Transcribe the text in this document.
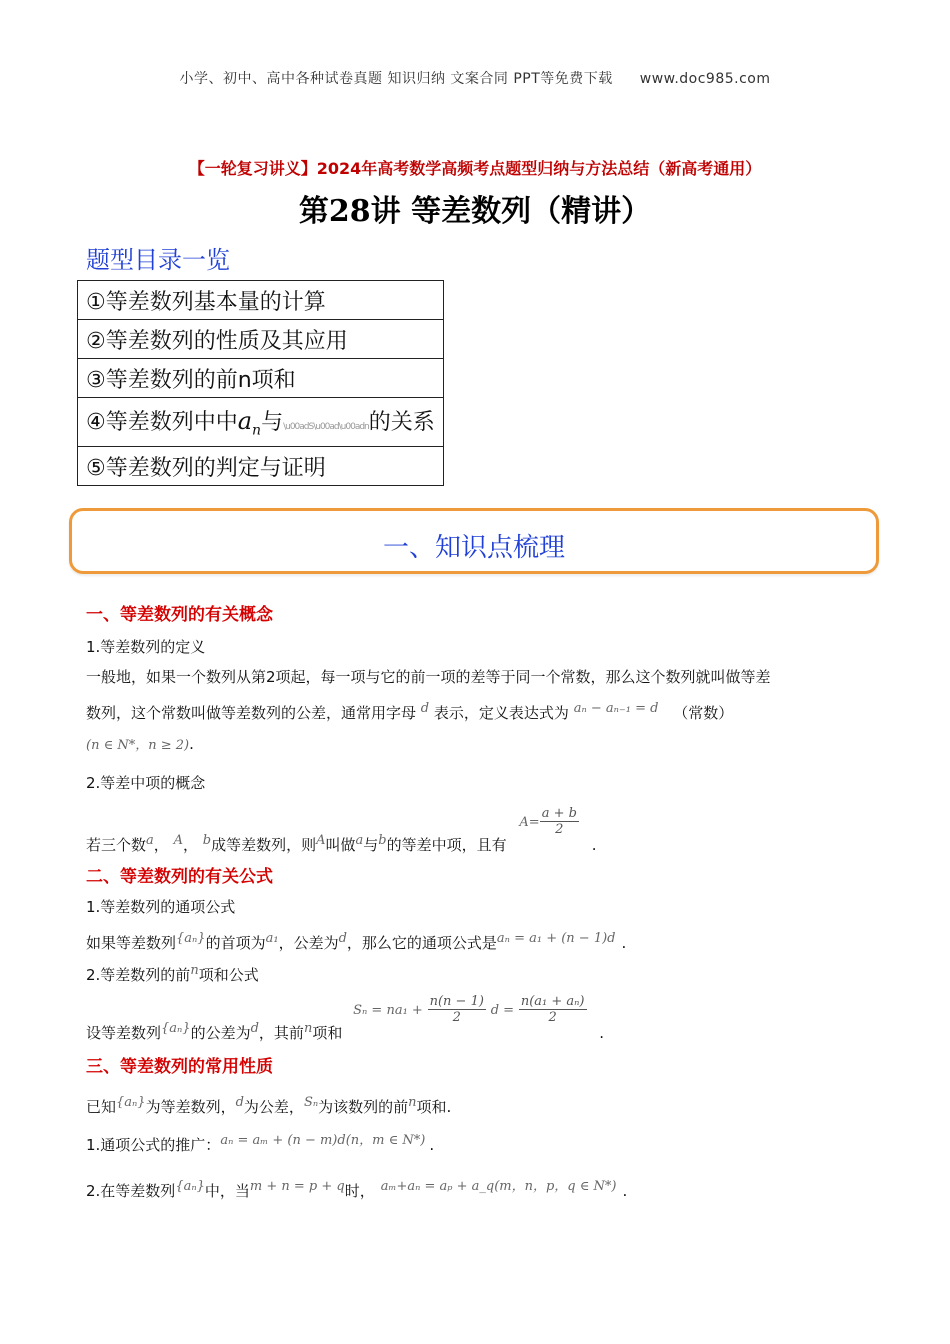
小学、初中、高中各种试卷真题 知识归纳 文案合同 PPT等免费下载 www.doc985.com
【一轮复习讲义】2024年高考数学高频考点题型归纳与方法总结（新高考通用）
第28讲 等差数列（精讲）
题型目录一览
①等差数列基本量的计算
②等差数列的性质及其应用
③等差数列的前n项和
④等差数列中中$a_n$与\u00adS\u00ad\u00adn的关系
⑤等差数列的判定与证明
一、知识点梳理
一、等差数列的有关概念
1.等差数列的定义
一般地，如果一个数列从第2项起，每一项与它的前一项的差等于同一个常数，那么这个数列就叫做等差
数列，这个常数叫做等差数列的公差，通常用字母 d 表示，定义表达式为 aₙ − aₙ₋₁ = d （常数）
(n ∈ N*，n ≥ 2).
2.等差中项的概念
若三个数a， A， b成等差数列，则A叫做a与b的等差中项，且有 $A= \frac{a + b}{2}$
.
二、等差数列的有关公式
1.等差数列的通项公式
如果等差数列{aₙ}的首项为a₁，公差为d，那么它的通项公式是aₙ = a₁ + (n − 1)d .
2.等差数列的前n项和公式
设等差数列{aₙ}的公差为d，其前n项和 $S_n = na_1 + \frac{n(n - 1)}{2}$ $d = \frac{\text{n(a₁ + aₙ)}}{2}$
.
三、等差数列的常用性质
已知{aₙ}为等差数列，d为公差，Sₙ为该数列的前n项和.
1.通项公式的推广：aₙ = aₘ + (n − m)d(n，m ∈ N*) .
2.在等差数列{aₙ}中，当m + n = p + q时， aₘ+aₙ = aₚ + a_q(m，n，p，q ∈ N*) .
